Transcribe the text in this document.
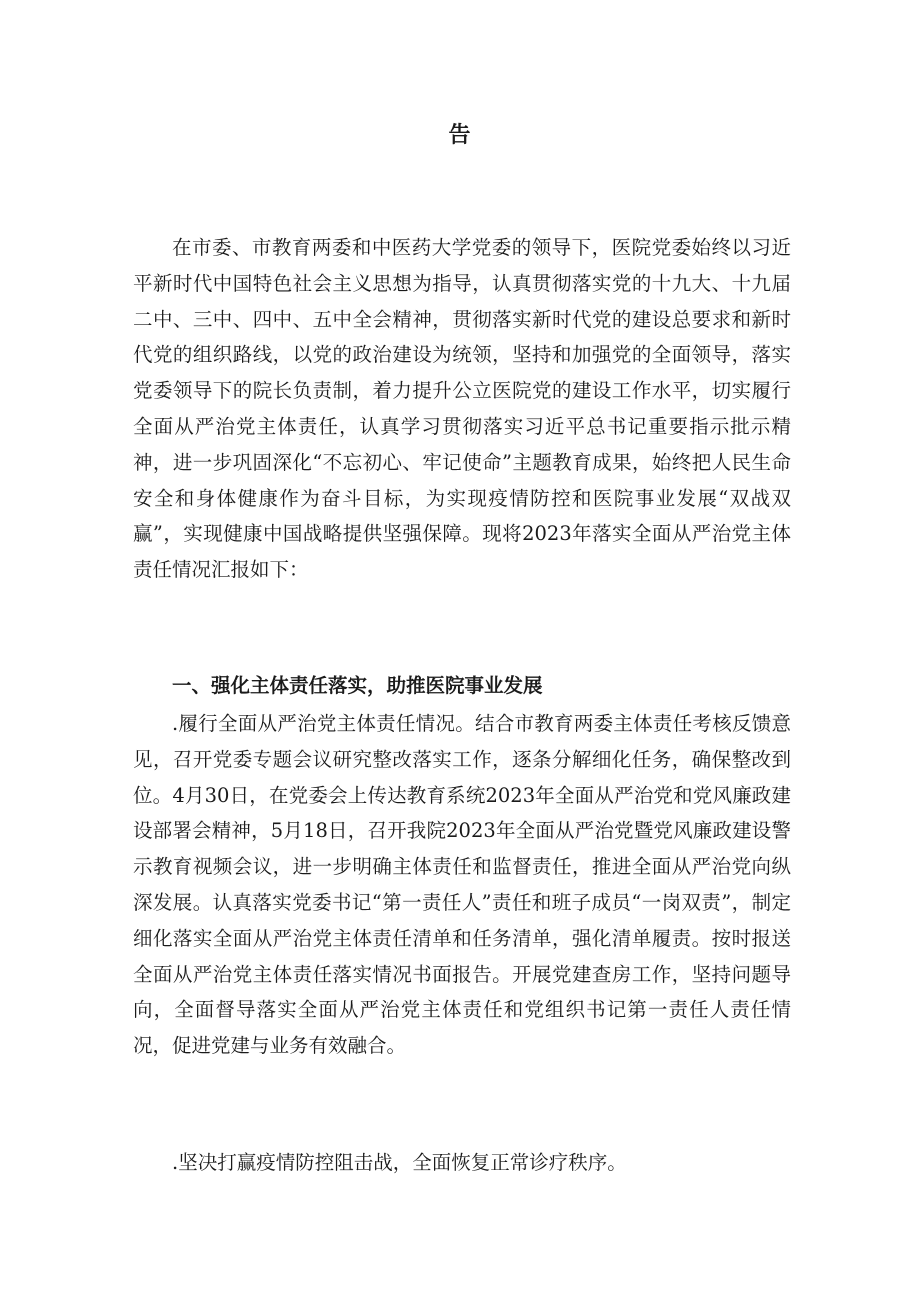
告

在市委、市教育两委和中医药大学党委的领导下，医院党委始终以习近平新时代中国特色社会主义思想为指导，认真贯彻落实党的十九大、十九届二中、三中、四中、五中全会精神，贯彻落实新时代党的建设总要求和新时代党的组织路线，以党的政治建设为统领，坚持和加强党的全面领导，落实党委领导下的院长负责制，着力提升公立医院党的建设工作水平，切实履行全面从严治党主体责任，认真学习贯彻落实习近平总书记重要指示批示精神，进一步巩固深化“不忘初心、牢记使命”主题教育成果，始终把人民生命安全和身体健康作为奋斗目标，为实现疫情防控和医院事业发展“双战双赢”，实现健康中国战略提供坚强保障。现将2023年落实全面从严治党主体责任情况汇报如下：

一、强化主体责任落实，助推医院事业发展

.履行全面从严治党主体责任情况。结合市教育两委主体责任考核反馈意见，召开党委专题会议研究整改落实工作，逐条分解细化任务，确保整改到位。4月30日，在党委会上传达教育系统2023年全面从严治党和党风廉政建设部署会精神，5月18日，召开我院2023年全面从严治党暨党风廉政建设警示教育视频会议，进一步明确主体责任和监督责任，推进全面从严治党向纵深发展。认真落实党委书记“第一责任人”责任和班子成员“一岗双责”，制定细化落实全面从严治党主体责任清单和任务清单，强化清单履责。按时报送全面从严治党主体责任落实情况书面报告。开展党建查房工作，坚持问题导向，全面督导落实全面从严治党主体责任和党组织书记第一责任人责任情况，促进党建与业务有效融合。

.坚决打赢疫情防控阻击战，全面恢复正常诊疗秩序。
